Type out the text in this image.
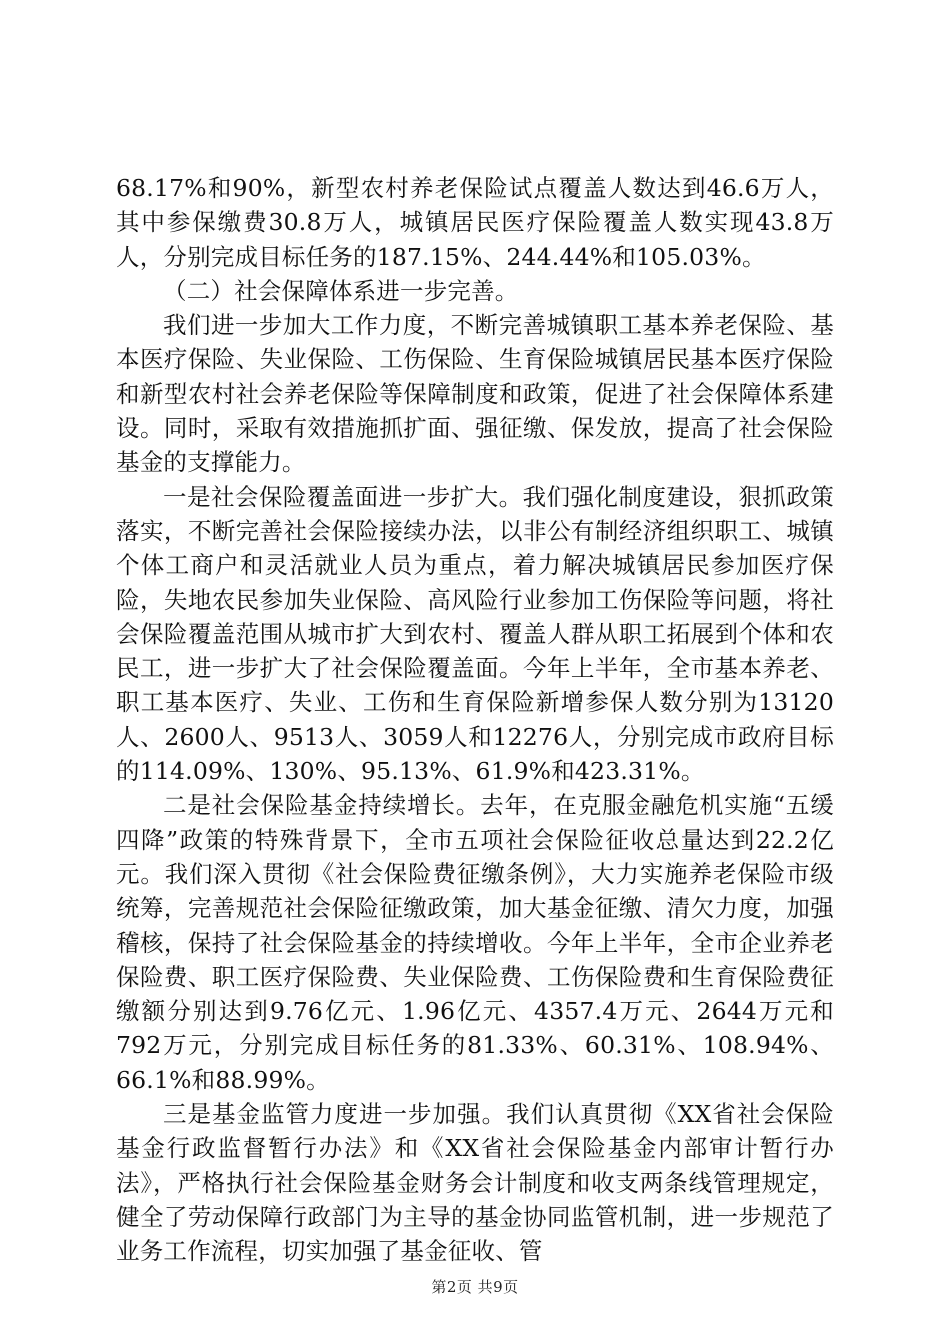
68.17%和90%，新型农村养老保险试点覆盖人数达到46.6万人，其中参保缴费30.8万人，城镇居民医疗保险覆盖人数实现43.8万人，分别完成目标任务的187.15%、244.44%和105.03%。

（二）社会保障体系进一步完善。

我们进一步加大工作力度，不断完善城镇职工基本养老保险、基本医疗保险、失业保险、工伤保险、生育保险城镇居民基本医疗保险和新型农村社会养老保险等保障制度和政策，促进了社会保障体系建设。同时，采取有效措施抓扩面、强征缴、保发放，提高了社会保险基金的支撑能力。

一是社会保险覆盖面进一步扩大。我们强化制度建设，狠抓政策落实，不断完善社会保险接续办法，以非公有制经济组织职工、城镇个体工商户和灵活就业人员为重点，着力解决城镇居民参加医疗保险，失地农民参加失业保险、高风险行业参加工伤保险等问题，将社会保险覆盖范围从城市扩大到农村、覆盖人群从职工拓展到个体和农民工，进一步扩大了社会保险覆盖面。今年上半年，全市基本养老、职工基本医疗、失业、工伤和生育保险新增参保人数分别为13120人、2600人、9513人、3059人和12276人，分别完成市政府目标的114.09%、130%、95.13%、61.9%和423.31%。

二是社会保险基金持续增长。去年，在克服金融危机实施“五缓四降”政策的特殊背景下，全市五项社会保险征收总量达到22.2亿元。我们深入贯彻《社会保险费征缴条例》，大力实施养老保险市级统筹，完善规范社会保险征缴政策，加大基金征缴、清欠力度，加强稽核，保持了社会保险基金的持续增收。今年上半年，全市企业养老保险费、职工医疗保险费、失业保险费、工伤保险费和生育保险费征缴额分别达到9.76亿元、1.96亿元、4357.4万元、2644万元和792万元，分别完成目标任务的81.33%、60.31%、108.94%、66.1%和88.99%。

三是基金监管力度进一步加强。我们认真贯彻《XX省社会保险基金行政监督暂行办法》和《XX省社会保险基金内部审计暂行办法》，严格执行社会保险基金财务会计制度和收支两条线管理规定，健全了劳动保障行政部门为主导的基金协同监管机制，进一步规范了业务工作流程，切实加强了基金征收、管

第2页 共9页
